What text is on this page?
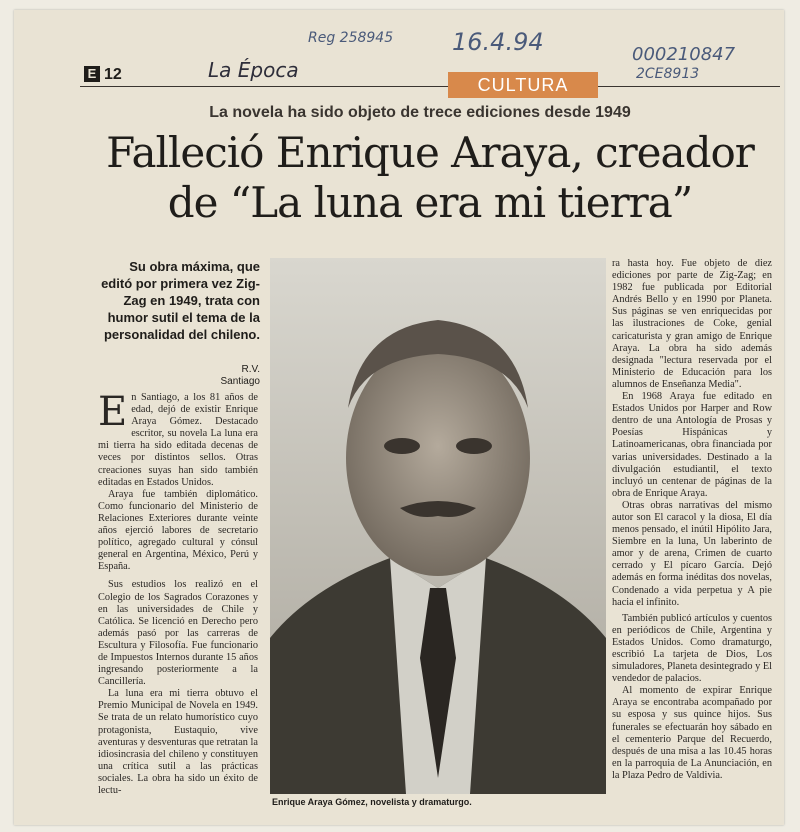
Reg 258945 16.4.94
La Época
000210847
2CE8913
E 12
CULTURA
La novela ha sido objeto de trece ediciones desde 1949
Falleció Enrique Araya, creador
de “La luna era mi tierra”
Su obra máxima, que editó por primera vez Zig-Zag en 1949, trata con humor sutil el tema de la personalidad del chileno.
R.V.
Santiago

En Santiago, a los 81 años de edad, dejó de existir Enrique Araya Gómez. Destacado escritor, su novela La luna era mi tierra ha sido editada decenas de veces por distintos sellos. Otras creaciones suyas han sido también editadas en Estados Unidos.

Araya fue también diplomático. Como funcionario del Ministerio de Relaciones Exteriores durante veinte años ejerció labores de secretario político, agregado cultural y cónsul general en Argentina, México, Perú y España.

Sus estudios los realizó en el Colegio de los Sagrados Corazones y en las universidades de Chile y Católica. Se licenció en Derecho pero además pasó por las carreras de Escultura y Filosofía. Fue funcionario de Impuestos Internos durante 15 años ingresando posteriormente a la Cancillería.

La luna era mi tierra obtuvo el Premio Municipal de Novela en 1949. Se trata de un relato humorístico cuyo protagonista, Eustaquio, vive aventuras y desventuras que retratan la idiosincrasia del chileno y constituyen una crítica sutil a las prácticas sociales. La obra ha sido un éxito de lectu-

Enrique Araya Gómez, novelista y dramaturgo.

ra hasta hoy. Fue objeto de diez ediciones por parte de Zig-Zag; en 1982 fue publicada por Editorial Andrés Bello y en 1990 por Planeta. Sus páginas se ven enriquecidas por las ilustraciones de Coke, genial caricaturista y gran amigo de Enrique Araya. La obra ha sido además designada "lectura reservada por el Ministerio de Educación para los alumnos de Enseñanza Media".

En 1968 Araya fue editado en Estados Unidos por Harper and Row dentro de una Antología de Prosas y Poesías Hispánicas y Latinoamericanas, obra financiada por varias universidades. Destinado a la divulgación estudiantil, el texto incluyó un centenar de páginas de la obra de Enrique Araya.

Otras obras narrativas del mismo autor son El caracol y la diosa, El día menos pensado, el inútil Hipólito Jara, Siembre en la luna, Un laberinto de amor y de arena, Crimen de cuarto cerrado y El pícaro García. Dejó además en forma inéditas dos novelas, Condenado a vida perpetua y A pie hacia el infinito.

También publicó artículos y cuentos en periódicos de Chile, Argentina y Estados Unidos. Como dramaturgo, escribió La tarjeta de Dios, Los simuladores, Planeta desintegrado y El vendedor de palacios.

Al momento de expirar Enrique Araya se encontraba acompañado por su esposa y sus quince hijos. Sus funerales se efectuarán hoy sábado en el cementerio Parque del Recuerdo, después de una misa a las 10.45 horas en la parroquia de La Anunciación, en la Plaza Pedro de Valdivia.
